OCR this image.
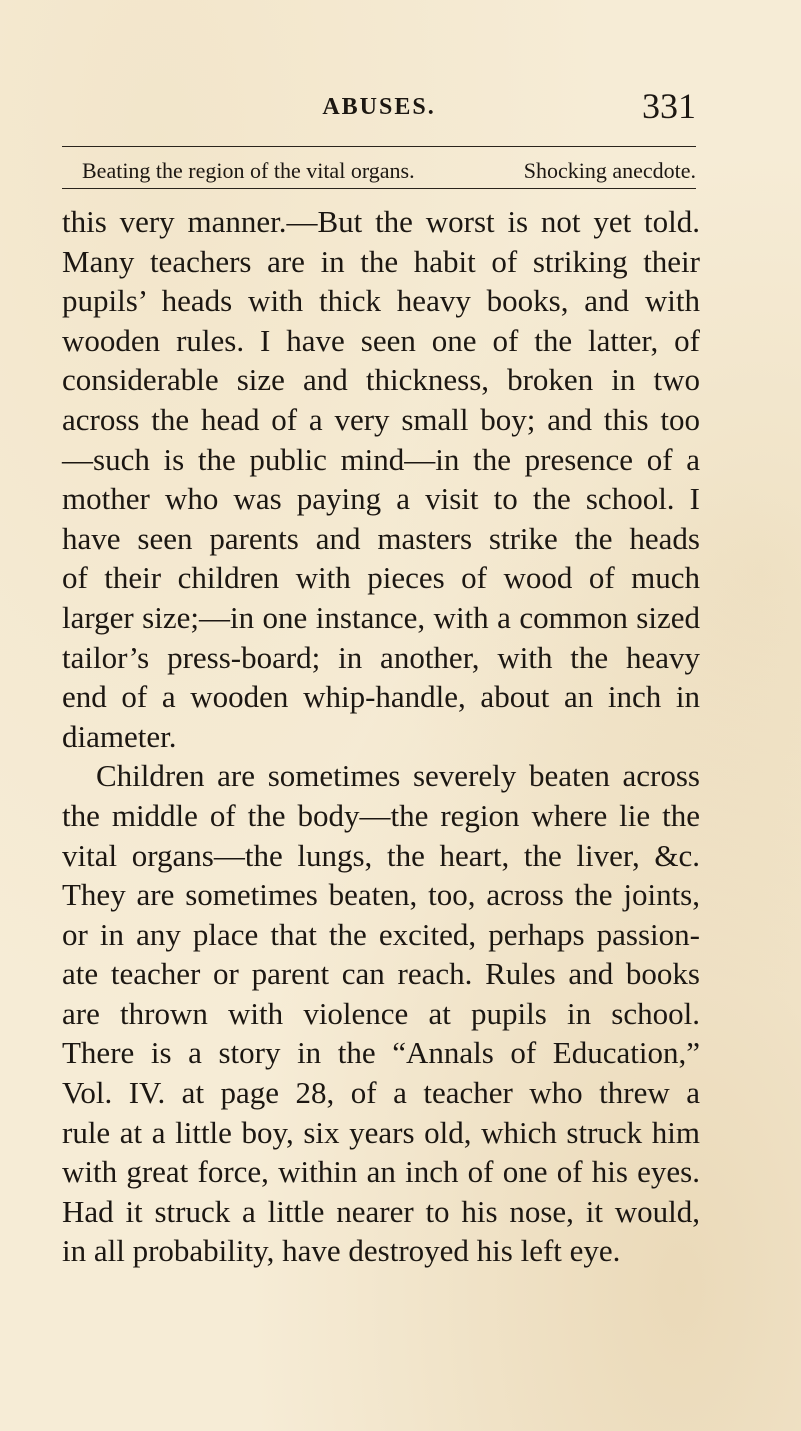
ABUSES.	331
Beating the region of the vital organs.	Shocking anecdote.
this very manner.—But the worst is not yet told.
Many teachers are in the habit of striking their
pupils’ heads with thick heavy books, and with
wooden rules. I have seen one of the latter, of
considerable size and thickness, broken in two
across the head of a very small boy; and this too
—such is the public mind—in the presence of a
mother who was paying a visit to the school. I
have seen parents and masters strike the heads
of their children with pieces of wood of much
larger size;—in one instance, with a common sized
tailor’s press-board; in another, with the heavy
end of a wooden whip-handle, about an inch in
diameter.
Children are sometimes severely beaten across
the middle of the body—the region where lie the
vital organs—the lungs, the heart, the liver, &c.
They are sometimes beaten, too, across the joints,
or in any place that the excited, perhaps passion-
ate teacher or parent can reach. Rules and books
are thrown with violence at pupils in school.
There is a story in the “Annals of Education,”
Vol. IV. at page 28, of a teacher who threw a
rule at a little boy, six years old, which struck him
with great force, within an inch of one of his eyes.
Had it struck a little nearer to his nose, it would,
in all probability, have destroyed his left eye.
